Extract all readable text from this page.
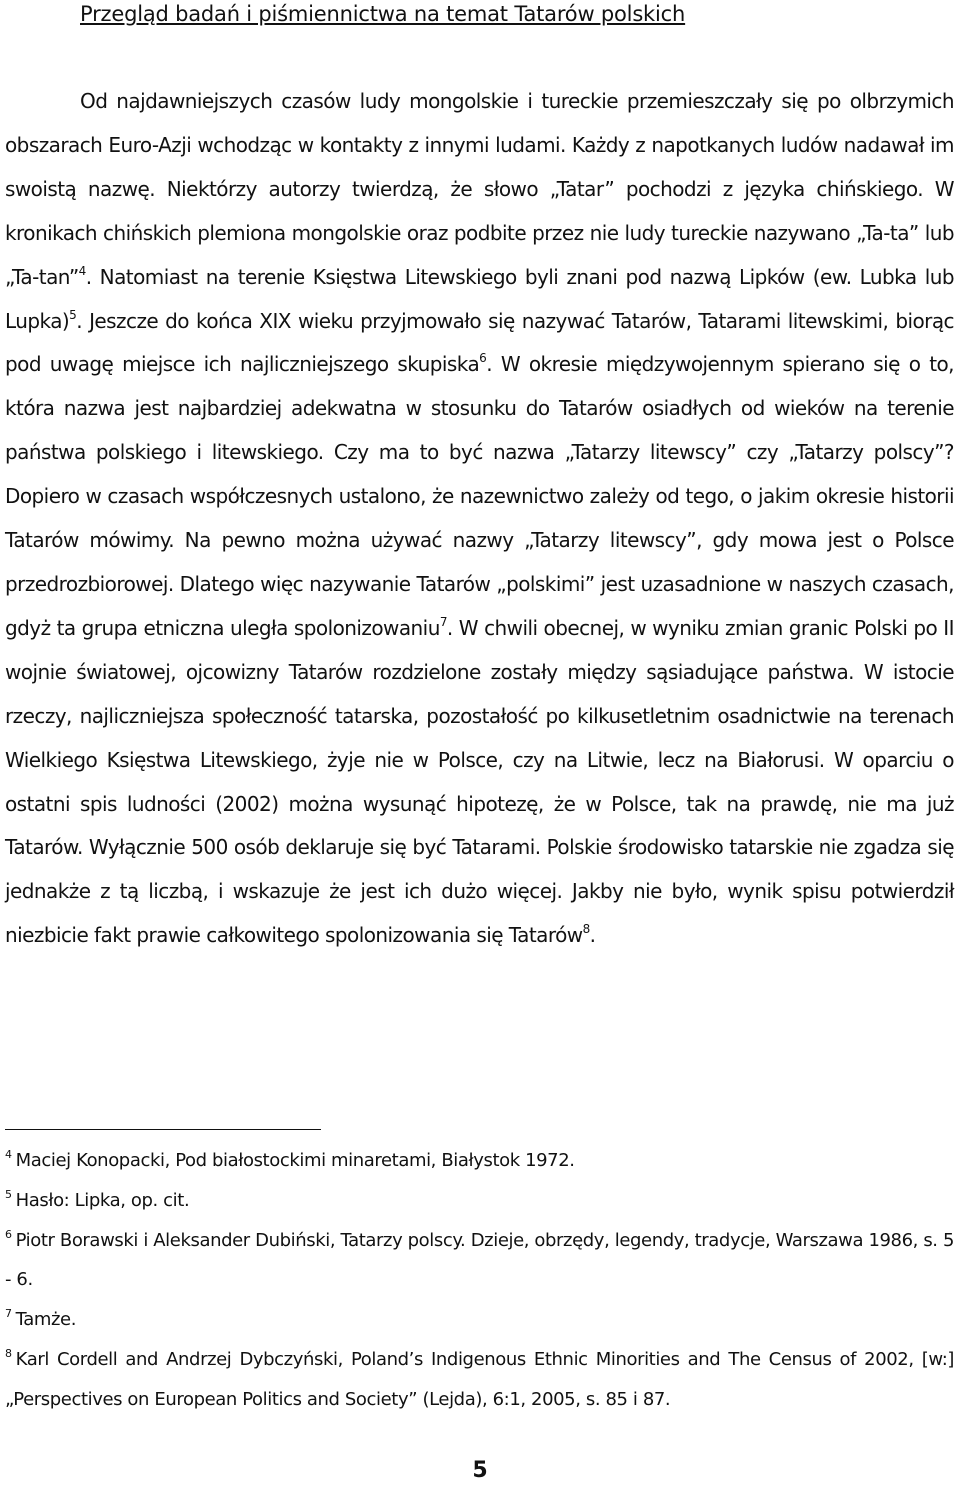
Przegląd badań i piśmiennictwa na temat Tatarów polskich

Od najdawniejszych czasów ludy mongolskie i tureckie przemieszczały się po olbrzymich obszarach Euro-Azji wchodząc w kontakty z innymi ludami. Każdy z napotkanych ludów nadawał im swoistą nazwę. Niektórzy autorzy twierdzą, że słowo „Tatar” pochodzi z języka chińskiego. W kronikach chińskich plemiona mongolskie oraz podbite przez nie ludy tureckie nazywano „Ta-ta” lub „Ta-tan”$^4$. Natomiast na terenie Księstwa Litewskiego byli znani pod nazwą Lipków (ew. Lubka lub Lupka)$^5$. Jeszcze do końca XIX wieku przyjmowało się nazywać Tatarów, Tatarami litewskimi, biorąc pod uwagę miejsce ich najliczniejszego skupiska$^6$. W okresie międzywojennym spierano się o to, która nazwa jest najbardziej adekwatna w stosunku do Tatarów osiadłych od wieków na terenie państwa polskiego i litewskiego. Czy ma to być nazwa „Tatarzy litewscy” czy „Tatarzy polscy”? Dopiero w czasach współczesnych ustalono, że nazewnictwo zależy od tego, o jakim okresie historii Tatarów mówimy. Na pewno można używać nazwy „Tatarzy litewscy”, gdy mowa jest o Polsce przedrozbiorowej. Dlatego więc nazywanie Tatarów „polskimi” jest uzasadnione w naszych czasach, gdyż ta grupa etniczna uległa spolonizowaniu$^7$. W chwili obecnej, w wyniku zmian granic Polski po II wojnie światowej, ojcowizny Tatarów rozdzielone zostały między sąsiadujące państwa. W istocie rzeczy, najliczniejsza społeczność tatarska, pozostałość po kilkusetletnim osadnictwie na terenach Wielkiego Księstwa Litewskiego, żyje nie w Polsce, czy na Litwie, lecz na Białorusi. W oparciu o ostatni spis ludności (2002) można wysunąć hipotezę, że w Polsce, tak na prawdę, nie ma już Tatarów. Wyłącznie 500 osób deklaruje się być Tatarami. Polskie środowisko tatarskie nie zgadza się jednakże z tą liczbą, i wskazuje że jest ich dużo więcej. Jakby nie było, wynik spisu potwierdził niezbicie fakt prawie całkowitego spolonizowania się Tatarów$^8$.

$^4$ Maciej Konopacki, Pod białostockimi minaretami, Białystok 1972.

$^5$ Hasło: Lipka, op. cit.

$^6$ Piotr Borawski i Aleksander Dubiński, Tatarzy polscy. Dzieje, obrzędy, legendy, tradycje, Warszawa 1986, s. 5 - 6.

$^7$ Tamże.

$^8$ Karl Cordell and Andrzej Dybczyński, Poland’s Indigenous Ethnic Minorities and The Census of 2002, [w:] „Perspectives on European Politics and Society” (Lejda), 6:1, 2005, s. 85 i 87.

5
